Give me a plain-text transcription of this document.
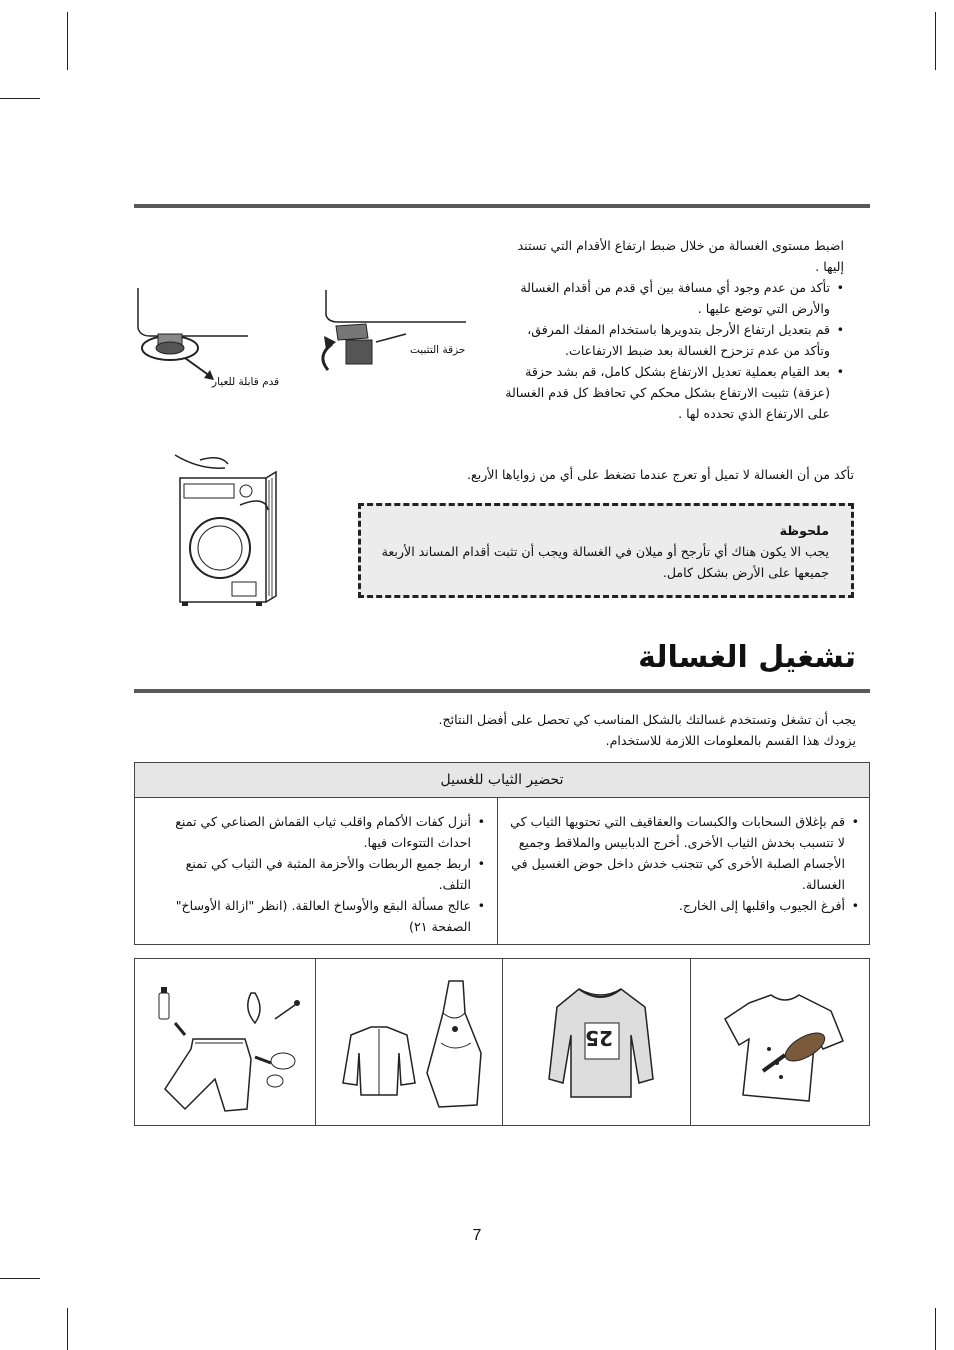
اضبط مستوى الغسالة من خلال ضبط ارتفاع الأقدام التي تستند إليها .

• تأكد من عدم وجود أي مسافة بين أي قدم من أقدام الغسالة والأرض التي توضع عليها .

• قم بتعديل ارتفاع الأرجل بتدويرها باستخدام المفك المرفق، وتأكد من عدم تزحزح الغسالة بعد ضبط الارتفاعات.

• بعد القيام بعملية تعديل الارتفاع بشكل كامل، قم بشد حزقة (عزقة) تثبيت الارتفاع بشكل محكم كي تحافظ كل قدم الغسالة على الارتفاع الذي تحدده لها .

قدم قابلة للعيار
حزقة التثبيت
تأكد من أن الغسالة لا تميل أو تعرج عندما تضغط على أي من زواياها الأربع.

ملحوظة

يجب الا يكون هناك أي تأرجح أو ميلان في الغسالة ويجب أن تثبت أقدام المساند الأربعة جميعها على الأرض بشكل كامل.

تشغيل الغسالة

يجب أن تشغل وتستخدم غسالتك بالشكل المناسب كي تحصل على أفضل النتائج.

يزودك هذا القسم بالمعلومات اللازمة للاستخدام.

تحضير الثياب للغسيل

• قم بإغلاق السحابات والكبسات والعقاقيف التي تحتويها الثياب كي لا تتسبب بخدش الثياب الأخرى. أخرج الدبابيس والملاقط وجميع الأجسام الصلبة الأخرى كي تتجنب خدش داخل حوض الغسيل في الغسالة.

• أفرغ الجيوب واقلبها إلى الخارج.

• أنزل كفات الأكمام واقلب ثياب القماش الصناعي كي تمنع احداث التتوءات فيها.

• اربط جميع الربطات والأحزمة المثبة في الثياب كي تمنع التلف.

• عالج مسألة البقع والأوساخ العالقة. (انظر "ازالة الأوساخ" الصفحة ٢١)

25
7
